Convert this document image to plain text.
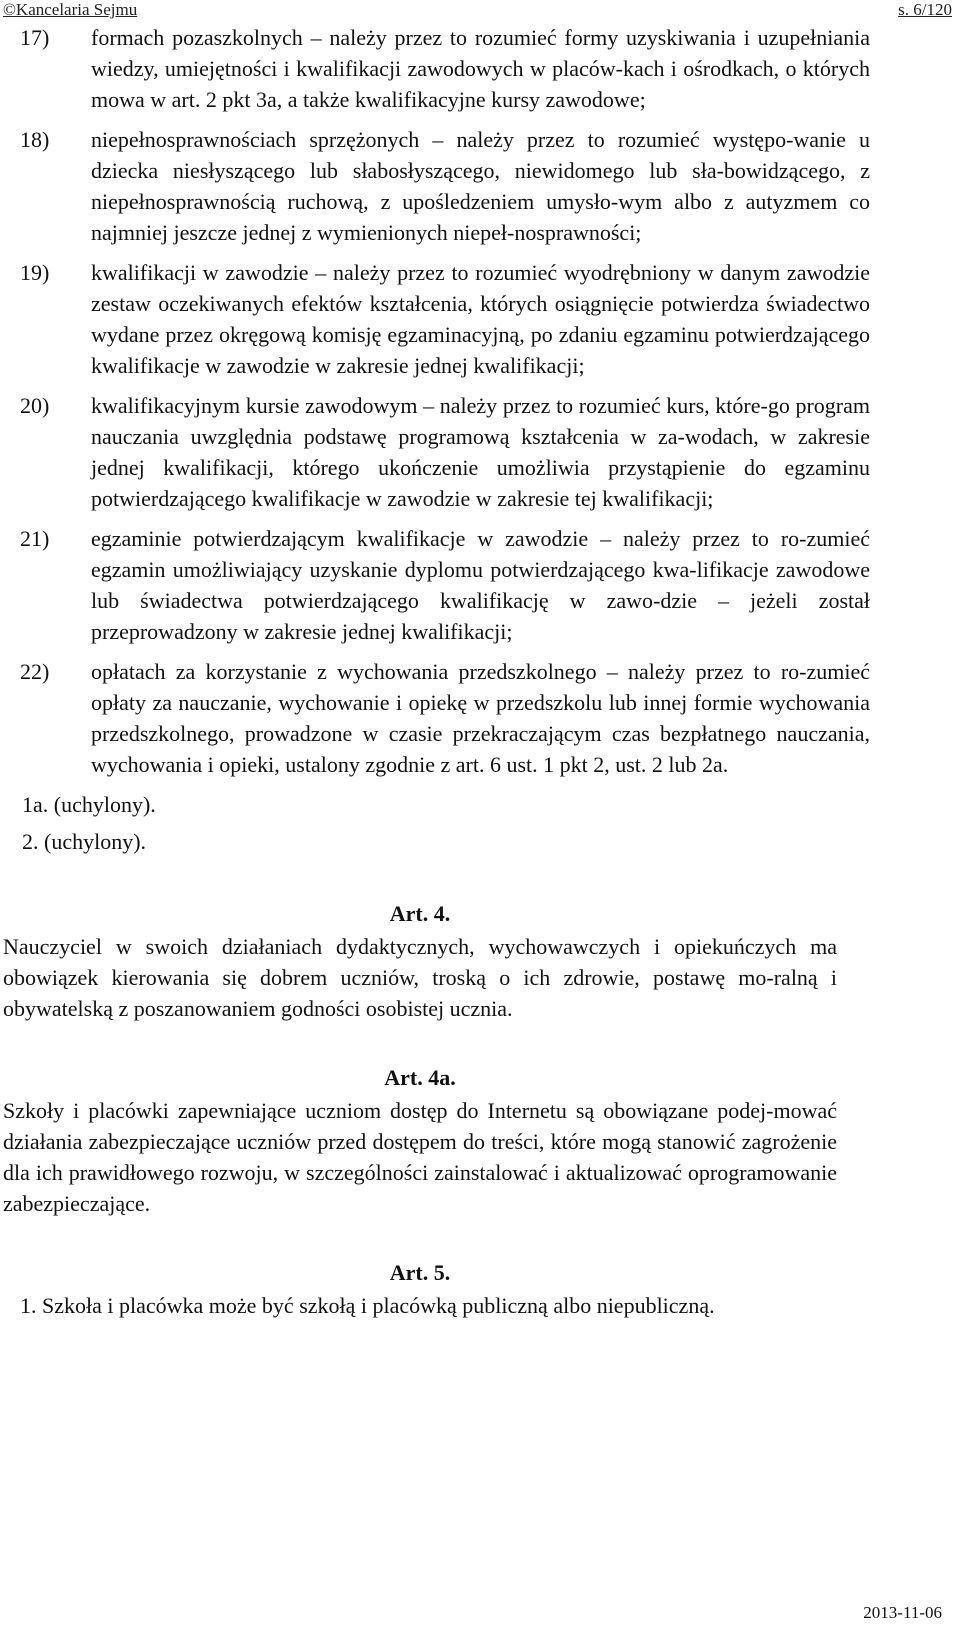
©Kancelaria Sejmu	s. 6/120
17) formach pozaszkolnych – należy przez to rozumieć formy uzyskiwania i uzupełniania wiedzy, umiejętności i kwalifikacji zawodowych w placów-kach i ośrodkach, o których mowa w art. 2 pkt 3a, a także kwalifikacyjne kursy zawodowe;
18) niepełnosprawnościach sprzężonych – należy przez to rozumieć występo-wanie u dziecka niesłyszącego lub słabosłyszącego, niewidomego lub sła-bowidzącego, z niepełnosprawnością ruchową, z upośledzeniem umysło-wym albo z autyzmem co najmniej jeszcze jednej z wymienionych niepeł-nosprawności;
19) kwalifikacji w zawodzie – należy przez to rozumieć wyodrębniony w danym zawodzie zestaw oczekiwanych efektów kształcenia, których osiągnięcie potwierdza świadectwo wydane przez okręgową komisję egzaminacyjną, po zdaniu egzaminu potwierdzającego kwalifikacje w zawodzie w zakresie jednej kwalifikacji;
20) kwalifikacyjnym kursie zawodowym – należy przez to rozumieć kurs, które-go program nauczania uwzględnia podstawę programową kształcenia w za-wodach, w zakresie jednej kwalifikacji, którego ukończenie umożliwia przystąpienie do egzaminu potwierdzającego kwalifikacje w zawodzie w zakresie tej kwalifikacji;
21) egzaminie potwierdzającym kwalifikacje w zawodzie – należy przez to ro-zumieć egzamin umożliwiający uzyskanie dyplomu potwierdzającego kwa-lifikacje zawodowe lub świadectwa potwierdzającego kwalifikację w zawo-dzie – jeżeli został przeprowadzony w zakresie jednej kwalifikacji;
22) opłatach za korzystanie z wychowania przedszkolnego – należy przez to ro-zumieć opłaty za nauczanie, wychowanie i opiekę w przedszkolu lub innej formie wychowania przedszkolnego, prowadzone w czasie przekraczającym czas bezpłatnego nauczania, wychowania i opieki, ustalony zgodnie z art. 6 ust. 1 pkt 2, ust. 2 lub 2a.
1a. (uchylony).
2. (uchylony).
Art. 4.
Nauczyciel w swoich działaniach dydaktycznych, wychowawczych i opiekuńczych ma obowiązek kierowania się dobrem uczniów, troską o ich zdrowie, postawę mo-ralną i obywatelską z poszanowaniem godności osobistej ucznia.
Art. 4a.
Szkoły i placówki zapewniające uczniom dostęp do Internetu są obowiązane podej-mować działania zabezpieczające uczniów przed dostępem do treści, które mogą stanowić zagrożenie dla ich prawidłowego rozwoju, w szczególności zainstalować i aktualizować oprogramowanie zabezpieczające.
Art. 5.
1. Szkoła i placówka może być szkołą i placówką publiczną albo niepubliczną.
2013-11-06
